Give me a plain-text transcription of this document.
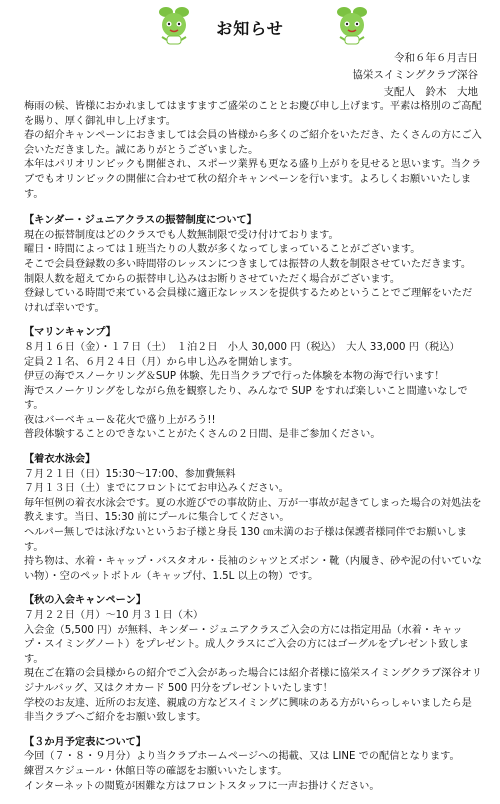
お知らせ
令和６年６月吉日
協栄スイミングクラブ深谷
支配人　鈴木　大地

梅雨の候、皆様におかれましてはますますご盛栄のこととお慶び申し上げます。平素は格別のご高配を賜り、厚く御礼申し上げます。

春の紹介キャンペーンにおきましては会員の皆様から多くのご紹介をいただき、たくさんの方にご入会いただきました。誠にありがとうございました。

本年はパリオリンピックも開催され、スポーツ業界も更なる盛り上がりを見せると思います。当クラブでもオリンピックの開催に合わせて秋の紹介キャンペーンを行います。よろしくお願いいたします。

【キンダー・ジュニアクラスの振替制度について】

現在の振替制度はどのクラスでも人数無制限で受け付けております。

曜日・時間によっては１班当たりの人数が多くなってしまっていることがございます。

そこで会員登録数の多い時間帯のレッスンにつきましては振替の人数を制限させていただきます。

制限人数を超えてからの振替申し込みはお断りさせていただく場合がございます。

登録している時間で来ている会員様に適正なレッスンを提供するためということでご理解をいただければ幸いです。

【マリンキャンプ】

８月１６日（金）・１７日（土）　１泊２日　小人 30,000 円（税込）　大人 33,000 円（税込）

定員２１名、６月２４日（月）から申し込みを開始します。

伊豆の海でスノーケリング＆SUP 体験、先日当クラブで行った体験を本物の海で行います！

海でスノーケリングをしながら魚を観察したり、みんなで SUP をすれば楽しいこと間違いなしです。

夜はバーベキュー＆花火で盛り上がろう!!

普段体験することのできないことがたくさんの２日間、是非ご参加ください。

【着衣水泳会】

７月２１日（日）15:30～17:00、参加費無料

７月１３日（土）までにフロントにてお申込みください。

毎年恒例の着衣水泳会です。夏の水遊びでの事故防止、万が一事故が起きてしまった場合の対処法を教えます。当日、15:30 前にプールに集合してください。

ヘルパー無しでは泳げないというお子様と身長 130 ㎝未満のお子様は保護者様同伴でお願いします。

持ち物は、水着・キャップ・バスタオル・長袖のシャツとズボン・靴（内履き、砂や泥の付いていない物）・空のペットボトル（キャップ付、1.5L 以上の物）です。

【秋の入会キャンペーン】

７月２２日（月）～10 月３１日（木）

入会金（5,500 円）が無料、キンダー・ジュニアクラスご入会の方には指定用品（水着・キャップ・スイミングノート）をプレゼント。成人クラスにご入会の方にはゴーグルをプレゼント致します。

現在ご在籍の会員様からの紹介でご入会があった場合には紹介者様に協栄スイミングクラブ深谷オリジナルバッグ、又はクオカード 500 円分をプレゼントいたします！

学校のお友達、近所のお友達、親戚の方などスイミングに興味のある方がいらっしゃいましたら是非当クラブへご紹介をお願い致します。

【３か月予定表について】

今回（７・８・９月分）より当クラブホームページへの掲載、又は LINE での配信となります。

練習スケジュール・休館日等の確認をお願いいたします。

インターネットの閲覧が困難な方はフロントスタッフに一声お掛けください。
